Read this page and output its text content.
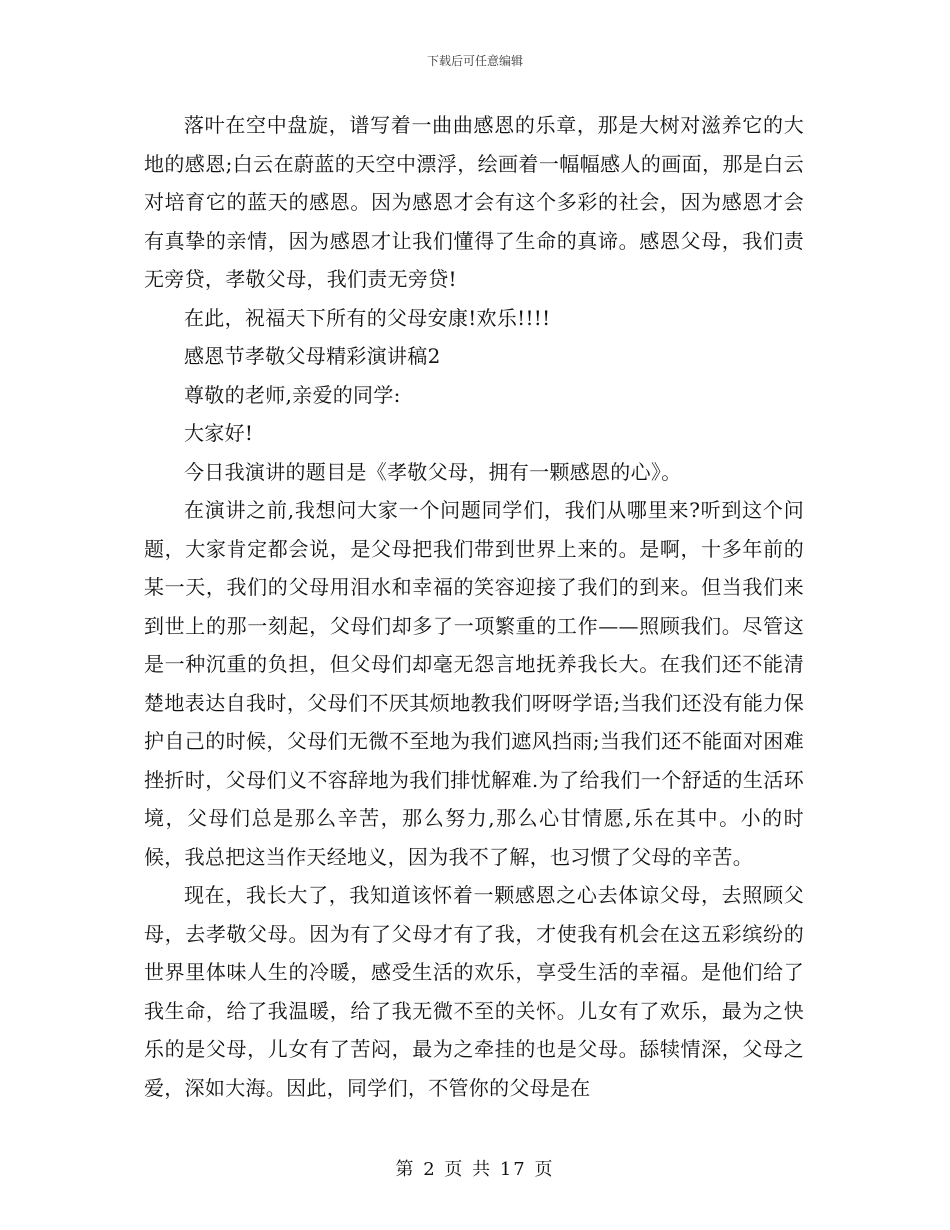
下载后可任意编辑

落叶在空中盘旋，谱写着一曲曲感恩的乐章，那是大树对滋养它的大地的感恩;白云在蔚蓝的天空中漂浮，绘画着一幅幅感人的画面，那是白云对培育它的蓝天的感恩。因为感恩才会有这个多彩的社会，因为感恩才会有真挚的亲情，因为感恩才让我们懂得了生命的真谛。感恩父母，我们责无旁贷，孝敬父母，我们责无旁贷!

在此，祝福天下所有的父母安康!欢乐!!!!

感恩节孝敬父母精彩演讲稿2

尊敬的老师,亲爱的同学:

大家好!

今日我演讲的题目是《孝敬父母，拥有一颗感恩的心》。

在演讲之前,我想问大家一个问题同学们，我们从哪里来?听到这个问题，大家肯定都会说，是父母把我们带到世界上来的。是啊，十多年前的某一天，我们的父母用泪水和幸福的笑容迎接了我们的到来。但当我们来到世上的那一刻起，父母们却多了一项繁重的工作——照顾我们。尽管这是一种沉重的负担，但父母们却毫无怨言地抚养我长大。在我们还不能清楚地表达自我时，父母们不厌其烦地教我们呀呀学语;当我们还没有能力保护自己的时候，父母们无微不至地为我们遮风挡雨;当我们还不能面对困难挫折时，父母们义不容辞地为我们排忧解难.为了给我们一个舒适的生活环境，父母们总是那么辛苦，那么努力,那么心甘情愿,乐在其中。小的时候，我总把这当作天经地义，因为我不了解，也习惯了父母的辛苦。

现在，我长大了，我知道该怀着一颗感恩之心去体谅父母，去照顾父母，去孝敬父母。因为有了父母才有了我，才使我有机会在这五彩缤纷的世界里体味人生的冷暖，感受生活的欢乐，享受生活的幸福。是他们给了我生命，给了我温暖，给了我无微不至的关怀。儿女有了欢乐，最为之快乐的是父母，儿女有了苦闷，最为之牵挂的也是父母。舔犊情深，父母之爱，深如大海。因此，同学们，不管你的父母是在

第 2 页 共 17 页
